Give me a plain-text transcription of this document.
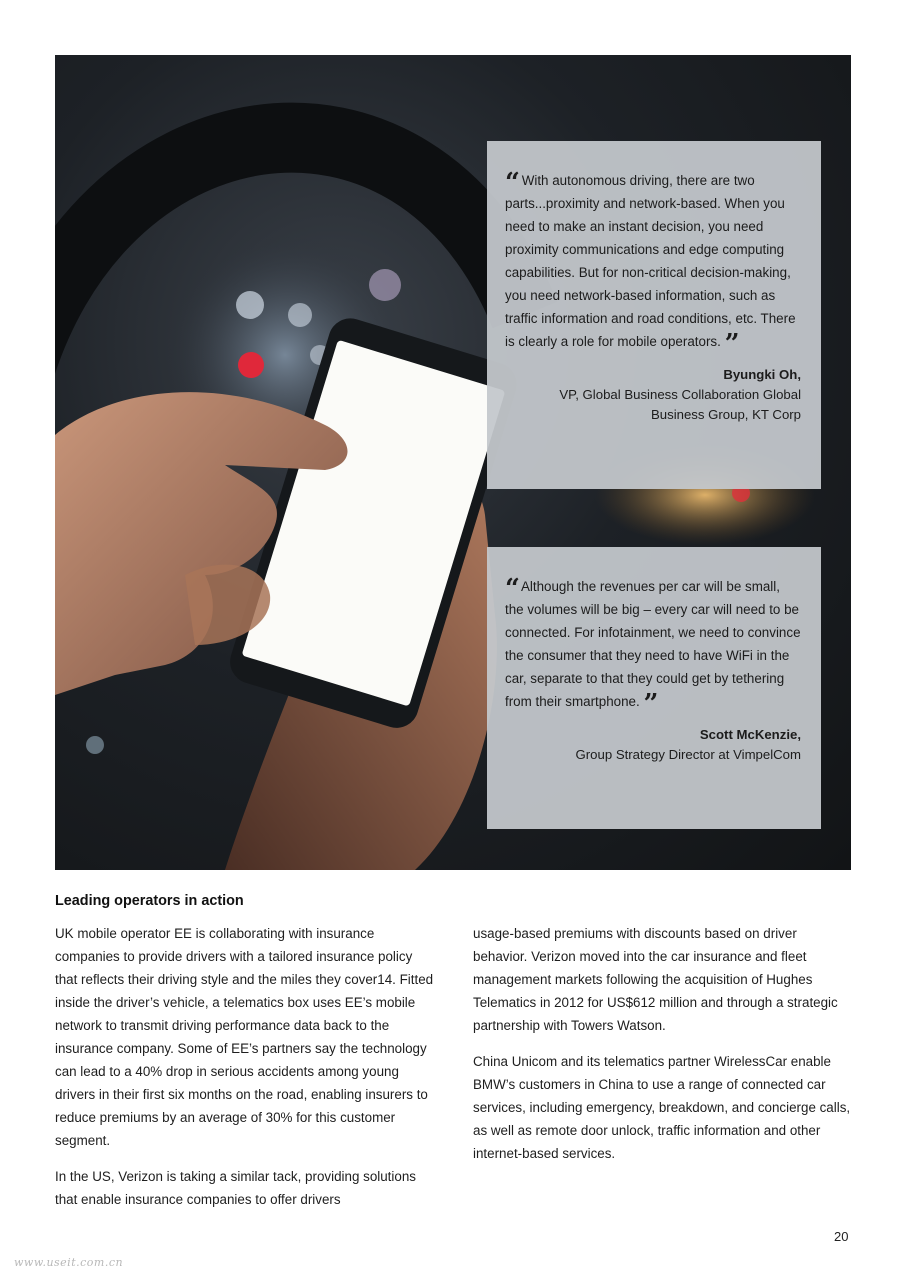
“ With autonomous driving, there are two parts...proximity and network-based. When you need to make an instant decision, you need proximity communications and edge computing capabilities. But for non-critical decision-making, you need network-based information, such as traffic information and road conditions, etc. There is clearly a role for mobile operators. ”

Byungki Oh,
VP, Global Business Collaboration Global
Business Group, KT Corp

“ Although the revenues per car will be small, the volumes will be big – every car will need to be connected. For infotainment, we need to convince the consumer that they need to have WiFi in the car, separate to that they could get by tethering from their smartphone. ”

Scott McKenzie,
Group Strategy Director at VimpelCom
Leading operators in action

UK mobile operator EE is collaborating with insurance companies to provide drivers with a tailored insurance policy that reflects their driving style and the miles they cover14. Fitted inside the driver’s vehicle, a telematics box uses EE’s mobile network to transmit driving performance data back to the insurance company. Some of EE’s partners say the technology can lead to a 40% drop in serious accidents among young drivers in their first six months on the road, enabling insurers to reduce premiums by an average of 30% for this customer segment.

In the US, Verizon is taking a similar tack, providing solutions that enable insurance companies to offer drivers

usage-based premiums with discounts based on driver behavior. Verizon moved into the car insurance and fleet management markets following the acquisition of Hughes Telematics in 2012 for US$612 million and through a strategic partnership with Towers Watson.

China Unicom and its telematics partner WirelessCar enable BMW’s customers in China to use a range of connected car services, including emergency, breakdown, and concierge calls, as well as remote door unlock, traffic information and other internet-based services.

20
www.useit.com.cn
